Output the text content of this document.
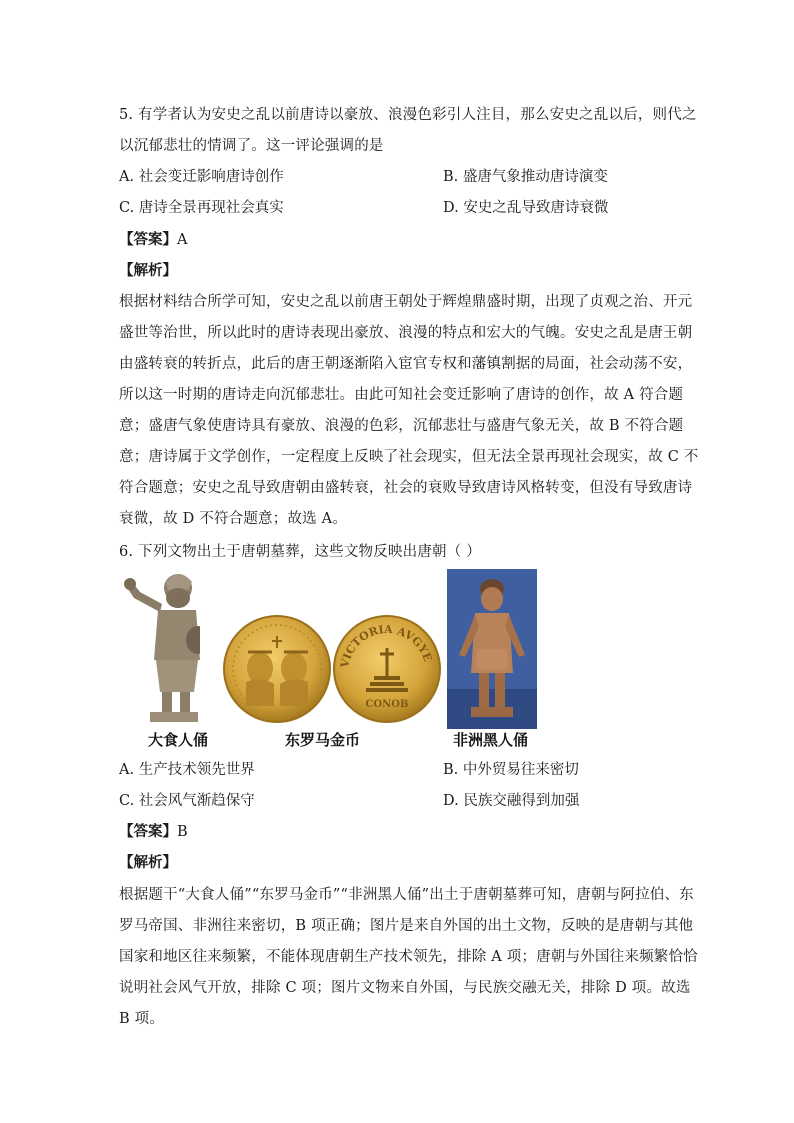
5. 有学者认为安史之乱以前唐诗以豪放、浪漫色彩引人注目，那么安史之乱以后，则代之
以沉郁悲壮的情调了。这一评论强调的是
A. 社会变迁影响唐诗创作	B. 盛唐气象推动唐诗演变
C. 唐诗全景再现社会真实	D. 安史之乱导致唐诗衰微
【答案】A
【解析】
根据材料结合所学可知，安史之乱以前唐王朝处于辉煌鼎盛时期，出现了贞观之治、开元
盛世等治世，所以此时的唐诗表现出豪放、浪漫的特点和宏大的气魄。安史之乱是唐王朝
由盛转衰的转折点，此后的唐王朝逐渐陷入宦官专权和藩镇割据的局面，社会动荡不安，
所以这一时期的唐诗走向沉郁悲壮。由此可知社会变迁影响了唐诗的创作，故 A 符合题
意；盛唐气象使唐诗具有豪放、浪漫的色彩，沉郁悲壮与盛唐气象无关，故 B 不符合题
意；唐诗属于文学创作，一定程度上反映了社会现实，但无法全景再现社会现实，故 C 不
符合题意；安史之乱导致唐朝由盛转衰，社会的衰败导致唐诗风格转变，但没有导致唐诗
衰微，故 D 不符合题意；故选 A。
6. 下列文物出土于唐朝墓葬，这些文物反映出唐朝（ ）
VICTORIA AVGYE
CONOB
大食人俑	东罗马金币	非洲黑人俑
A. 生产技术领先世界	B. 中外贸易往来密切
C. 社会风气渐趋保守	D. 民族交融得到加强
【答案】B
【解析】
根据题干“大食人俑”“东罗马金币”“非洲黑人俑”出土于唐朝墓葬可知，唐朝与阿拉伯、东
罗马帝国、非洲往来密切，B 项正确；图片是来自外国的出土文物，反映的是唐朝与其他
国家和地区往来频繁，不能体现唐朝生产技术领先，排除 A 项；唐朝与外国往来频繁恰恰
说明社会风气开放，排除 C 项；图片文物来自外国，与民族交融无关，排除 D 项。故选
B 项。
